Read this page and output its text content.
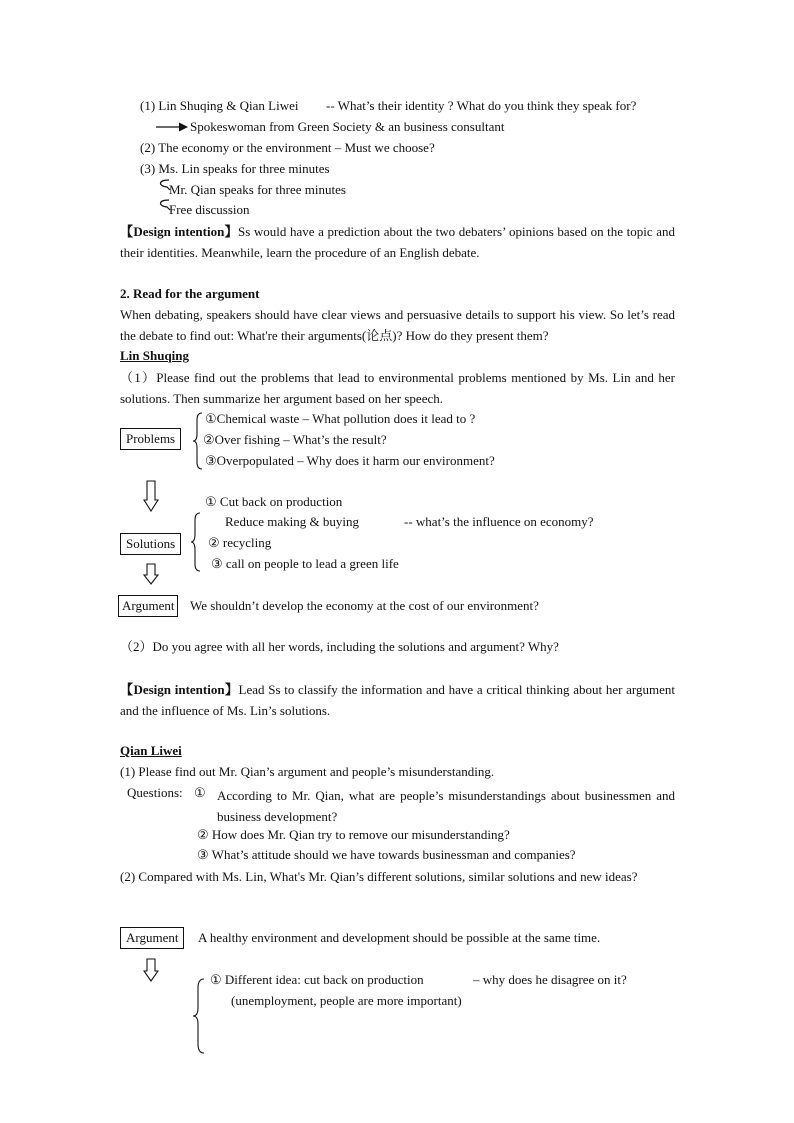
(1) Lin Shuqing & Qian Liwei -- What’s their identity ? What do you think they speak for?
Spokeswoman from Green Society & an business consultant
(2) The economy or the environment – Must we choose?
(3) Ms. Lin speaks for three minutes
Mr. Qian speaks for three minutes
Free discussion
【Design intention】Ss would have a prediction about the two debaters’ opinions based on the topic and their identities. Meanwhile, learn the procedure of an English debate.
2. Read for the argument
When debating, speakers should have clear views and persuasive details to support his view. So let’s read the debate to find out: What're their arguments(论点)? How do they present them?
Lin Shuqing
（1）Please find out the problems that lead to environmental problems mentioned by Ms. Lin and her solutions. Then summarize her argument based on her speech.
Problems
①Chemical waste – What pollution does it lead to ?
②Over fishing – What’s the result?
③Overpopulated – Why does it harm our environment?
① Cut back on production
Reduce making & buying	-- what’s the influence on economy?
Solutions	② recycling
③ call on people to lead a green life
Argument	We shouldn’t develop the economy at the cost of our environment?
（2）Do you agree with all her words, including the solutions and argument? Why?
【Design intention】Lead Ss to classify the information and have a critical thinking about her argument and the influence of Ms. Lin’s solutions.
Qian Liwei
(1) Please find out Mr. Qian’s argument and people’s misunderstanding.
Questions: ① According to Mr. Qian, what are people’s misunderstandings about businessmen and business development?
② How does Mr. Qian try to remove our misunderstanding?
③ What’s attitude should we have towards businessman and companies?
(2) Compared with Ms. Lin, What's Mr. Qian’s different solutions, similar solutions and new ideas?
Argument	A healthy environment and development should be possible at the same time.
① Different idea: cut back on production	– why does he disagree on it?
(unemployment, people are more important)
